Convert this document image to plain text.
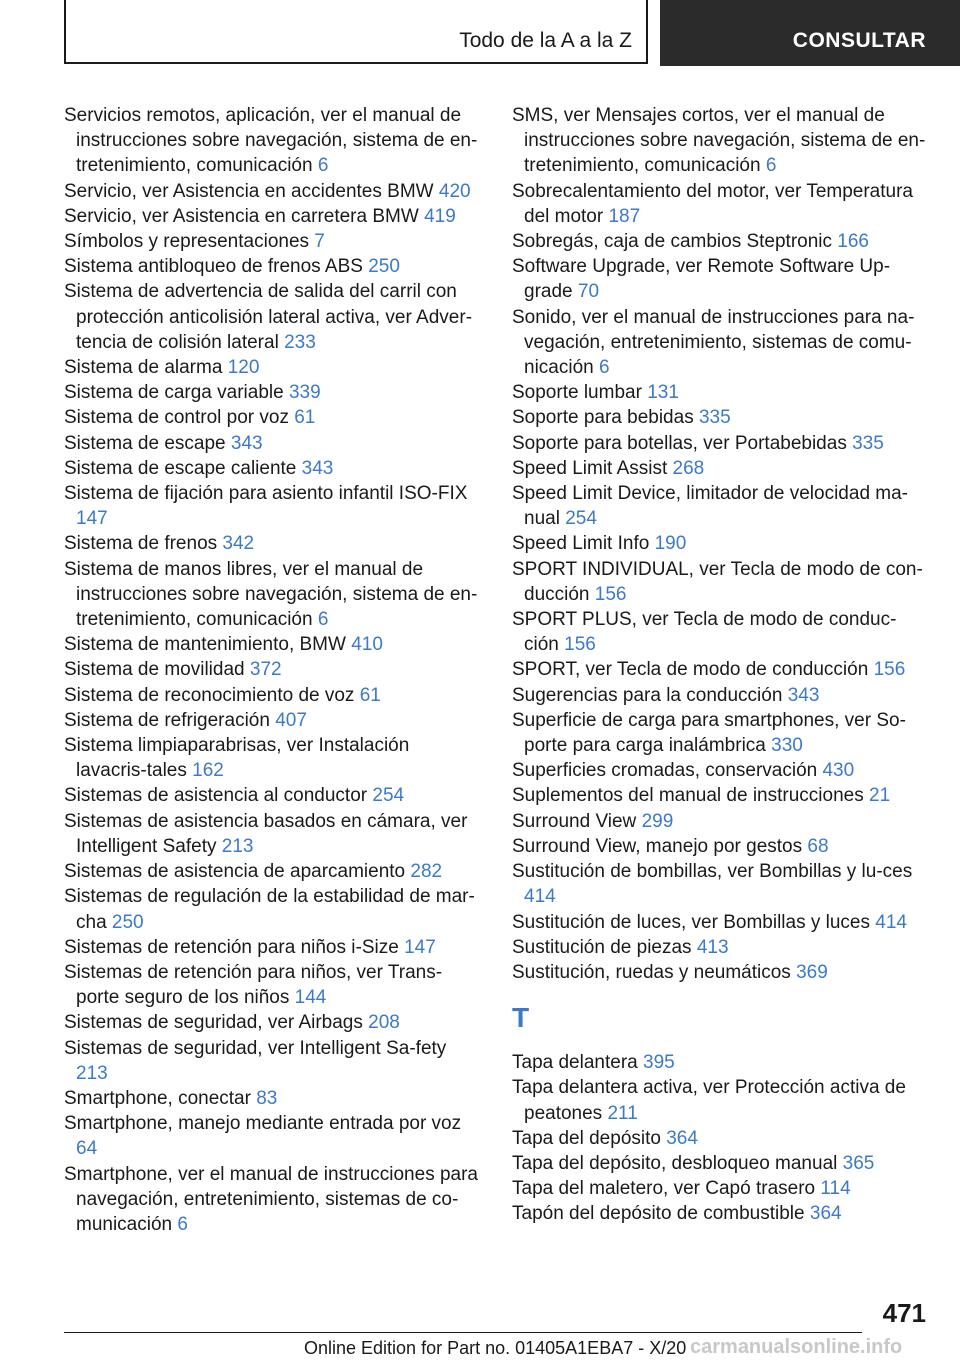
Todo de la A a la Z	CONSULTAR
Servicios remotos, aplicación, ver el manual de instrucciones sobre navegación, sistema de en‐tretenimiento, comunicación 6
Servicio, ver Asistencia en accidentes BMW 420
Servicio, ver Asistencia en carretera BMW 419
Símbolos y representaciones 7
Sistema antibloqueo de frenos ABS 250
Sistema de advertencia de salida del carril con protección anticolisión lateral activa, ver Adver‐tencia de colisión lateral 233
Sistema de alarma 120
Sistema de carga variable 339
Sistema de control por voz 61
Sistema de escape 343
Sistema de escape caliente 343
Sistema de fijación para asiento infantil ISO‐FIX 147
Sistema de frenos 342
Sistema de manos libres, ver el manual de instrucciones sobre navegación, sistema de en‐tretenimiento, comunicación 6
Sistema de mantenimiento, BMW 410
Sistema de movilidad 372
Sistema de reconocimiento de voz 61
Sistema de refrigeración 407
Sistema limpiaparabrisas, ver Instalación lavacris‐tales 162
Sistemas de asistencia al conductor 254
Sistemas de asistencia basados en cámara, ver Intelligent Safety 213
Sistemas de asistencia de aparcamiento 282
Sistemas de regulación de la estabilidad de mar‐cha 250
Sistemas de retención para niños i-Size 147
Sistemas de retención para niños, ver Trans‐porte seguro de los niños 144
Sistemas de seguridad, ver Airbags 208
Sistemas de seguridad, ver Intelligent Sa‐fety 213
Smartphone, conectar 83
Smartphone, manejo mediante entrada por voz 64
Smartphone, ver el manual de instrucciones para navegación, entretenimiento, sistemas de co‐municación 6
SMS, ver Mensajes cortos, ver el manual de instrucciones sobre navegación, sistema de en‐tretenimiento, comunicación 6
Sobrecalentamiento del motor, ver Temperatura del motor 187
Sobregás, caja de cambios Steptronic 166
Software Upgrade, ver Remote Software Up‐grade 70
Sonido, ver el manual de instrucciones para na‐vegación, entretenimiento, sistemas de comu‐nicación 6
Soporte lumbar 131
Soporte para bebidas 335
Soporte para botellas, ver Portabebidas 335
Speed Limit Assist 268
Speed Limit Device, limitador de velocidad ma‐nual 254
Speed Limit Info 190
SPORT INDIVIDUAL, ver Tecla de modo de con‐ducción 156
SPORT PLUS, ver Tecla de modo de conduc‐ción 156
SPORT, ver Tecla de modo de conducción 156
Sugerencias para la conducción 343
Superficie de carga para smartphones, ver So‐porte para carga inalámbrica 330
Superficies cromadas, conservación 430
Suplementos del manual de instrucciones 21
Surround View 299
Surround View, manejo por gestos 68
Sustitución de bombillas, ver Bombillas y lu‐ces 414
Sustitución de luces, ver Bombillas y luces 414
Sustitución de piezas 413
Sustitución, ruedas y neumáticos 369
T
Tapa delantera 395
Tapa delantera activa, ver Protección activa de peatones 211
Tapa del depósito 364
Tapa del depósito, desbloqueo manual 365
Tapa del maletero, ver Capó trasero 114
Tapón del depósito de combustible 364
471
Online Edition for Part no. 01405A1EBA7 - X/20 carmanualsonline.info
